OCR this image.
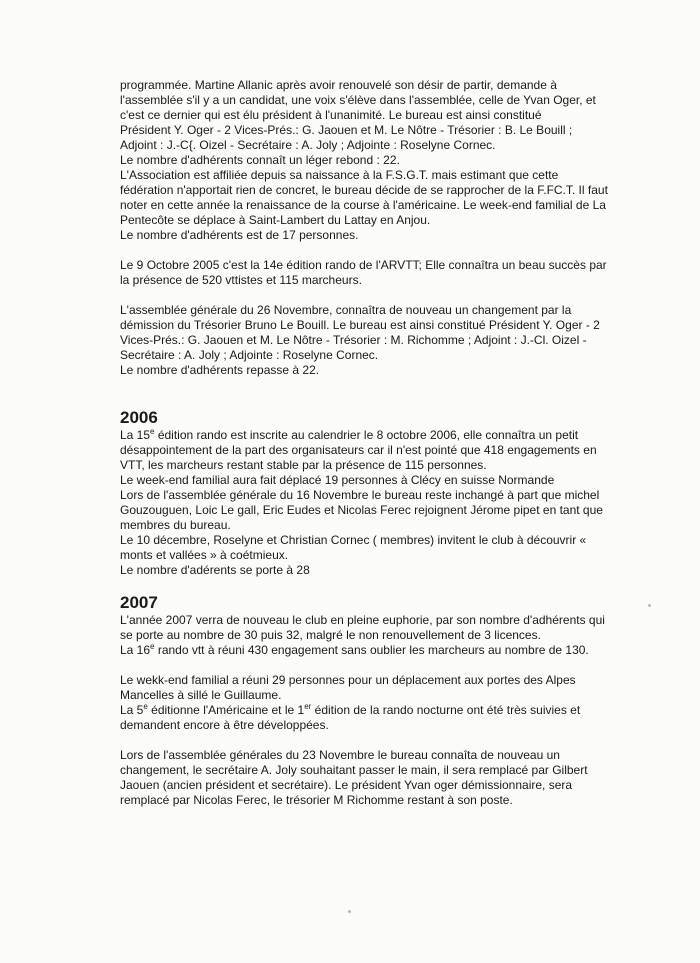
programmée. Martine Allanic après avoir renouvelé son désir de partir, demande à l'assemblée s'il y a un candidat, une voix s'élève dans l'assemblée, celle de Yvan Oger, et c'est ce dernier qui est élu président à l'unanimité. Le bureau est ainsi constitué

Président Y. Oger - 2 Vices-Prés.: G. Jaouen et M. Le Nôtre - Trésorier : B. Le Bouill ; Adjoint : J.-C{. Oizel - Secrétaire : A. Joly ; Adjointe : Roselyne Cornec.

Le nombre d'adhérents connaît un léger rebond : 22.

L'Association est affiliée depuis sa naissance à la F.S.G.T. mais estimant que cette fédération n'apportait rien de concret, le bureau décide de se rapprocher de la F.FC.T. Il faut noter en cette année la renaissance de la course à l'américaine. Le week-end familial de La Pentecôte se déplace à Saint-Lambert du Lattay en Anjou.

Le nombre d'adhérents est de 17 personnes.

Le 9 Octobre 2005 c'est la 14e édition rando de l'ARVTT; Elle connaîtra un beau succès par la présence de 520 vttistes et 115 marcheurs.

L'assemblée générale du 26 Novembre, connaîtra de nouveau un changement par la démission du Trésorier Bruno Le Bouill. Le bureau est ainsi constitué Président Y. Oger - 2 Vices-Prés.: G. Jaouen et M. Le Nôtre - Trésorier : M. Richomme ; Adjoint : J.-Cl. Oizel - Secrétaire : A. Joly ; Adjointe : Roselyne Cornec.

Le nombre d'adhérents repasse à 22.

2006

La 15e édition rando est inscrite au calendrier le 8 octobre 2006, elle connaîtra un petit désappointement de la part des organisateurs car il n'est pointé que 418 engagements en VTT, les marcheurs restant stable par la présence de 115 personnes.

Le week-end familial aura fait déplacé 19 personnes à Clécy en suisse Normande

Lors de l'assemblée générale du 16 Novembre le bureau reste inchangé à part que michel Gouzouguen, Loic Le gall, Eric Eudes et Nicolas Ferec rejoignent Jérome pipet en tant que membres du bureau.

Le 10 décembre, Roselyne et Christian Cornec ( membres) invitent le club à découvrir « monts et vallées » à coétmieux.

Le nombre d'adérents se porte à 28

2007

L'année 2007 verra de nouveau le club en pleine euphorie, par son nombre d'adhérents qui se porte au nombre de 30 puis 32, malgré le non renouvellement de 3 licences.

La 16e rando vtt à réuni 430 engagement sans oublier les marcheurs au nombre de 130.

Le wekk-end familial a réuni 29 personnes pour un déplacement aux portes des Alpes Mancelles à sillé le Guillaume.

La 5e éditionne l'Américaine et le 1er édition de la rando nocturne ont été très suivies et demandent encore à être développées.

Lors de l'assemblée générales du 23 Novembre le bureau connaîta de nouveau un changement, le secrétaire A. Joly souhaitant passer le main, il sera remplacé par Gilbert Jaouen (ancien président et secrétaire). Le président Yvan oger démissionnaire, sera remplacé par Nicolas Ferec, le trésorier M Richomme restant à son poste.
